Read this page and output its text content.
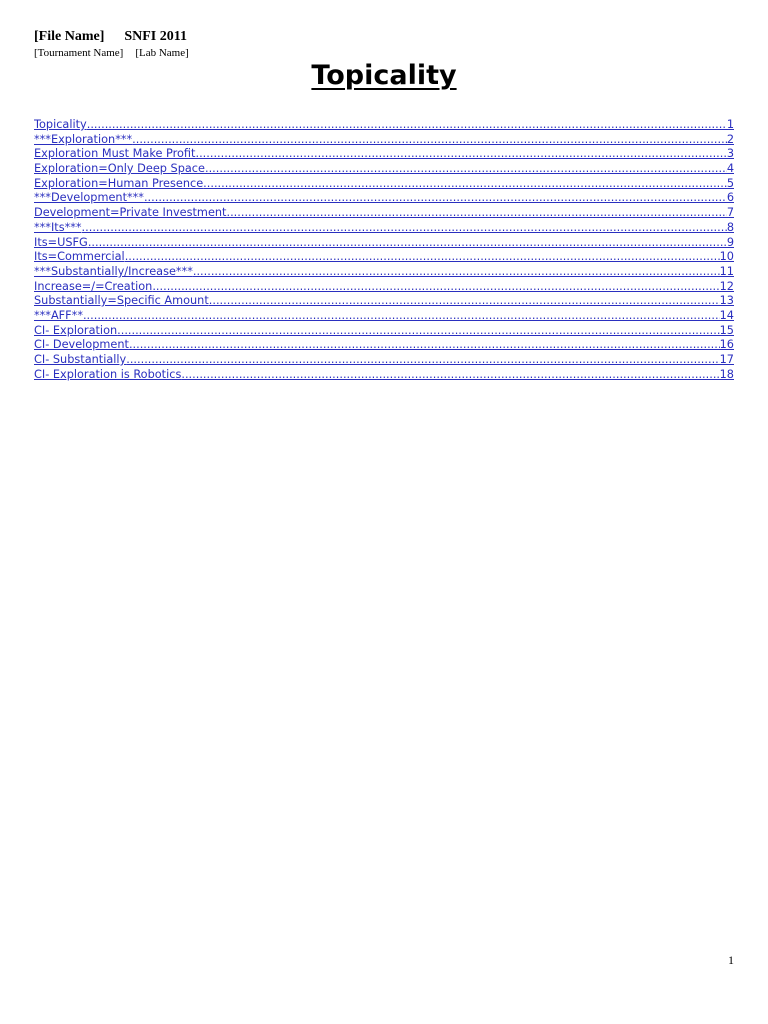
[File Name] SNFI 2011
[Tournament Name] [Lab Name]
Topicality
Topicality .....	1
***Exploration*** .....	2
Exploration Must Make Profit .....	3
Exploration=Only Deep Space .....	4
Exploration=Human Presence .....	5
***Development*** .....	6
Development=Private Investment .....	7
***Its*** .....	8
Its=USFG .....	9
Its=Commercial .....	10
***Substantially/Increase*** .....	11
Increase=/=Creation .....	12
Substantially=Specific Amount .....	13
***AFF** .....	14
CI- Exploration .....	15
CI- Development .....	16
CI- Substantially .....	17
CI- Exploration is Robotics .....	18
1
